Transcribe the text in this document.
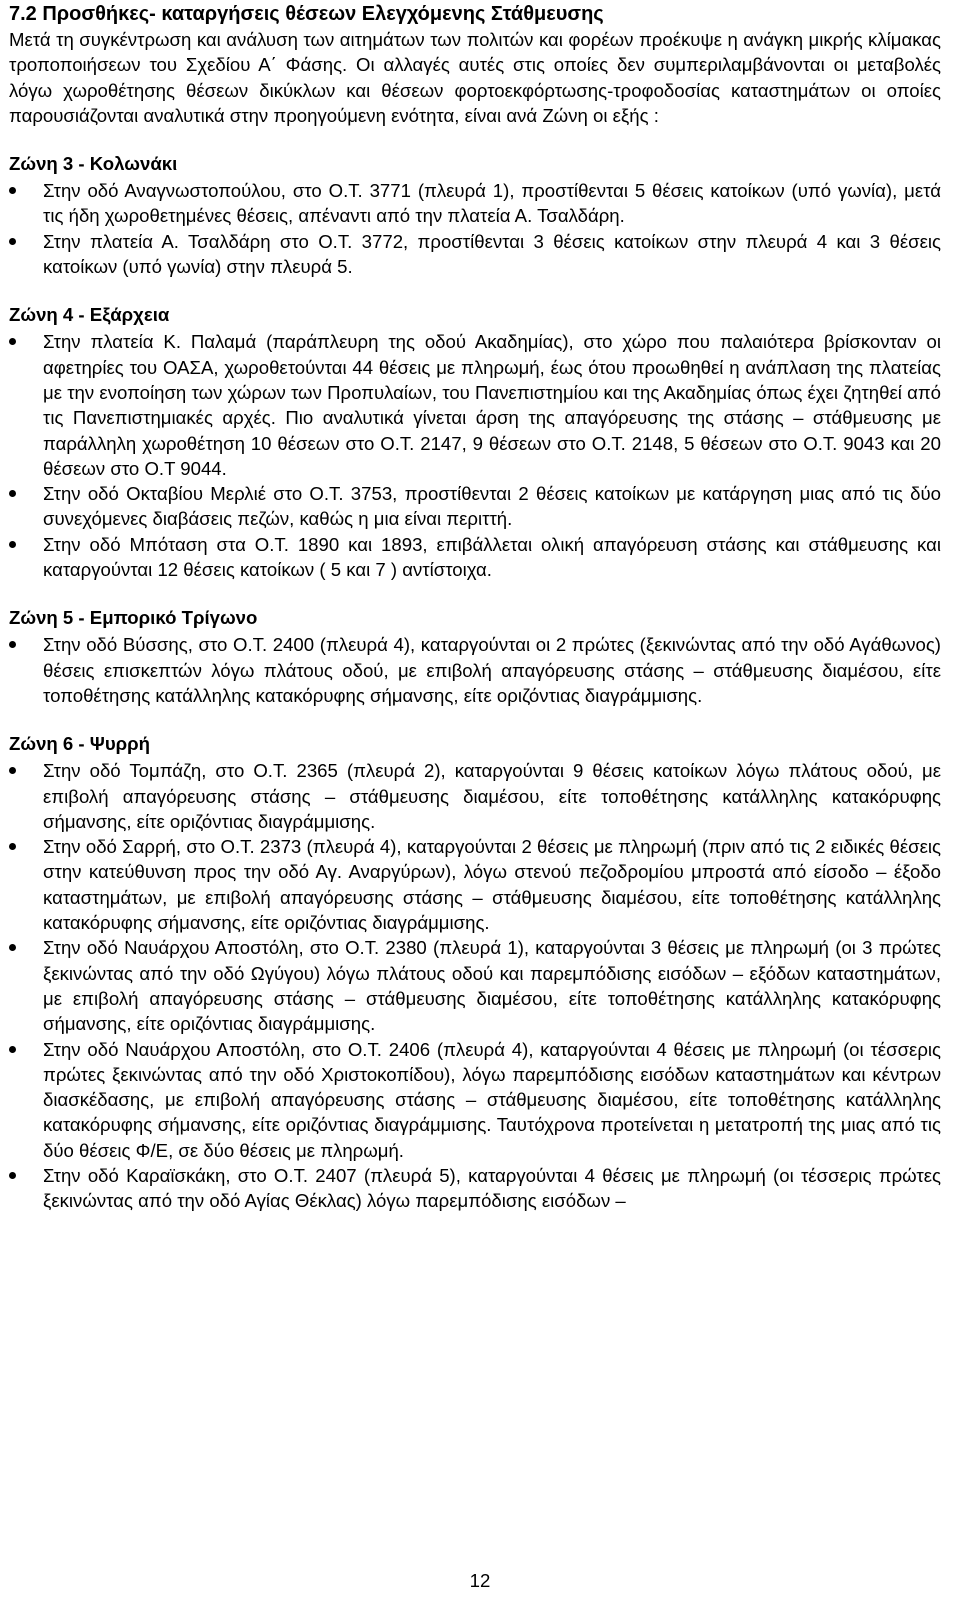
7.2 Προσθήκες- καταργήσεις θέσεων Ελεγχόμενης Στάθμευσης

Μετά τη συγκέντρωση και ανάλυση των αιτημάτων των πολιτών και φορέων προέκυψε η ανάγκη μικρής κλίμακας τροποποιήσεων του Σχεδίου Α΄ Φάσης. Οι αλλαγές αυτές στις οποίες δεν συμπεριλαμβάνονται οι μεταβολές λόγω χωροθέτησης θέσεων δικύκλων και θέσεων φορτοεκφόρτωσης-τροφοδοσίας καταστημάτων οι οποίες παρουσιάζονται αναλυτικά στην προηγούμενη ενότητα, είναι ανά Ζώνη οι εξής :

Ζώνη 3 - Κολωνάκι
Στην οδό Αναγνωστοπούλου, στο Ο.Τ. 3771 (πλευρά 1), προστίθενται 5 θέσεις κατοίκων (υπό γωνία), μετά τις ήδη χωροθετημένες θέσεις, απέναντι από την πλατεία Α. Τσαλδάρη.
Στην πλατεία Α. Τσαλδάρη στο Ο.Τ. 3772, προστίθενται 3 θέσεις κατοίκων στην πλευρά 4 και 3 θέσεις κατοίκων (υπό γωνία) στην πλευρά 5.
Ζώνη 4 - Εξάρχεια
Στην πλατεία Κ. Παλαμά (παράπλευρη της οδού Ακαδημίας), στο χώρο που παλαιότερα βρίσκονταν οι αφετηρίες του ΟΑΣΑ, χωροθετούνται 44 θέσεις με πληρωμή, έως ότου προωθηθεί η ανάπλαση της πλατείας με την ενοποίηση των χώρων των Προπυλαίων, του Πανεπιστημίου και της Ακαδημίας όπως έχει ζητηθεί από τις Πανεπιστημιακές αρχές. Πιο αναλυτικά γίνεται άρση της απαγόρευσης της στάσης – στάθμευσης με παράλληλη χωροθέτηση 10 θέσεων στο Ο.Τ. 2147, 9 θέσεων στο Ο.Τ. 2148, 5 θέσεων στο Ο.Τ. 9043 και 20 θέσεων στο Ο.Τ 9044.
Στην οδό Οκταβίου Μερλιέ στο Ο.Τ. 3753, προστίθενται 2 θέσεις κατοίκων με κατάργηση μιας από τις δύο συνεχόμενες διαβάσεις πεζών, καθώς η μια είναι περιττή.
Στην οδό Μπόταση στα Ο.Τ. 1890 και 1893, επιβάλλεται ολική απαγόρευση στάσης και στάθμευσης και καταργούνται 12 θέσεις κατοίκων ( 5 και 7 ) αντίστοιχα.
Ζώνη 5 - Εμπορικό Τρίγωνο
Στην οδό Βύσσης, στο Ο.Τ. 2400 (πλευρά 4), καταργούνται οι 2 πρώτες (ξεκινώντας από την οδό Αγάθωνος) θέσεις επισκεπτών λόγω πλάτους οδού, με επιβολή απαγόρευσης στάσης – στάθμευσης διαμέσου, είτε τοποθέτησης κατάλληλης κατακόρυφης σήμανσης, είτε οριζόντιας διαγράμμισης.
Ζώνη 6 - Ψυρρή
Στην οδό Τομπάζη, στο Ο.Τ. 2365 (πλευρά 2), καταργούνται 9 θέσεις κατοίκων λόγω πλάτους οδού, με επιβολή απαγόρευσης στάσης – στάθμευσης διαμέσου, είτε τοποθέτησης κατάλληλης κατακόρυφης σήμανσης, είτε οριζόντιας διαγράμμισης.
Στην οδό Σαρρή, στο Ο.Τ. 2373 (πλευρά 4), καταργούνται 2 θέσεις με πληρωμή (πριν από τις 2 ειδικές θέσεις στην κατεύθυνση προς την οδό Αγ. Αναργύρων), λόγω στενού πεζοδρομίου μπροστά από είσοδο – έξοδο καταστημάτων, με επιβολή απαγόρευσης στάσης – στάθμευσης διαμέσου, είτε τοποθέτησης κατάλληλης κατακόρυφης σήμανσης, είτε οριζόντιας διαγράμμισης.
Στην οδό Ναυάρχου Αποστόλη, στο Ο.Τ. 2380 (πλευρά 1), καταργούνται 3 θέσεις με πληρωμή (οι 3 πρώτες ξεκινώντας από την οδό Ωγύγου) λόγω πλάτους οδού και παρεμπόδισης εισόδων – εξόδων καταστημάτων, με επιβολή απαγόρευσης στάσης – στάθμευσης διαμέσου, είτε τοποθέτησης κατάλληλης κατακόρυφης σήμανσης, είτε οριζόντιας διαγράμμισης.
Στην οδό Ναυάρχου Αποστόλη, στο Ο.Τ. 2406 (πλευρά 4), καταργούνται 4 θέσεις με πληρωμή (οι τέσσερις πρώτες ξεκινώντας από την οδό Χριστοκοπίδου), λόγω παρεμπόδισης εισόδων καταστημάτων και κέντρων διασκέδασης, με επιβολή απαγόρευσης στάσης – στάθμευσης διαμέσου, είτε τοποθέτησης κατάλληλης κατακόρυφης σήμανσης, είτε οριζόντιας διαγράμμισης. Ταυτόχρονα προτείνεται η μετατροπή της μιας από τις δύο θέσεις Φ/Ε, σε δύο θέσεις με πληρωμή.
Στην οδό Καραϊσκάκη, στο Ο.Τ. 2407 (πλευρά 5), καταργούνται 4 θέσεις με πληρωμή (οι τέσσερις πρώτες ξεκινώντας από την οδό Αγίας Θέκλας) λόγω παρεμπόδισης εισόδων –
12
